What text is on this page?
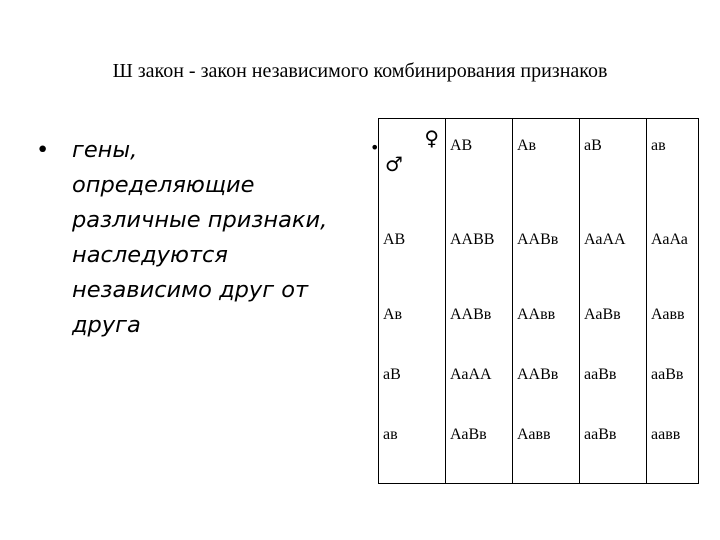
Ш закон - закон независимого комбинирования признаков
• гены,
определяющие
различные признаки,
наследуются
независимо друг от
друга
• ♀
♂	АВ	Ав	аВ	ав
АВ	ААВВ	ААВв	АаАА	АаАа
Ав	ААВв	ААвв	АаВв	Аавв
аВ	АаАА	ААВв	ааВв	ааВв
ав	АаВв	Аавв	ааВв	аавв
